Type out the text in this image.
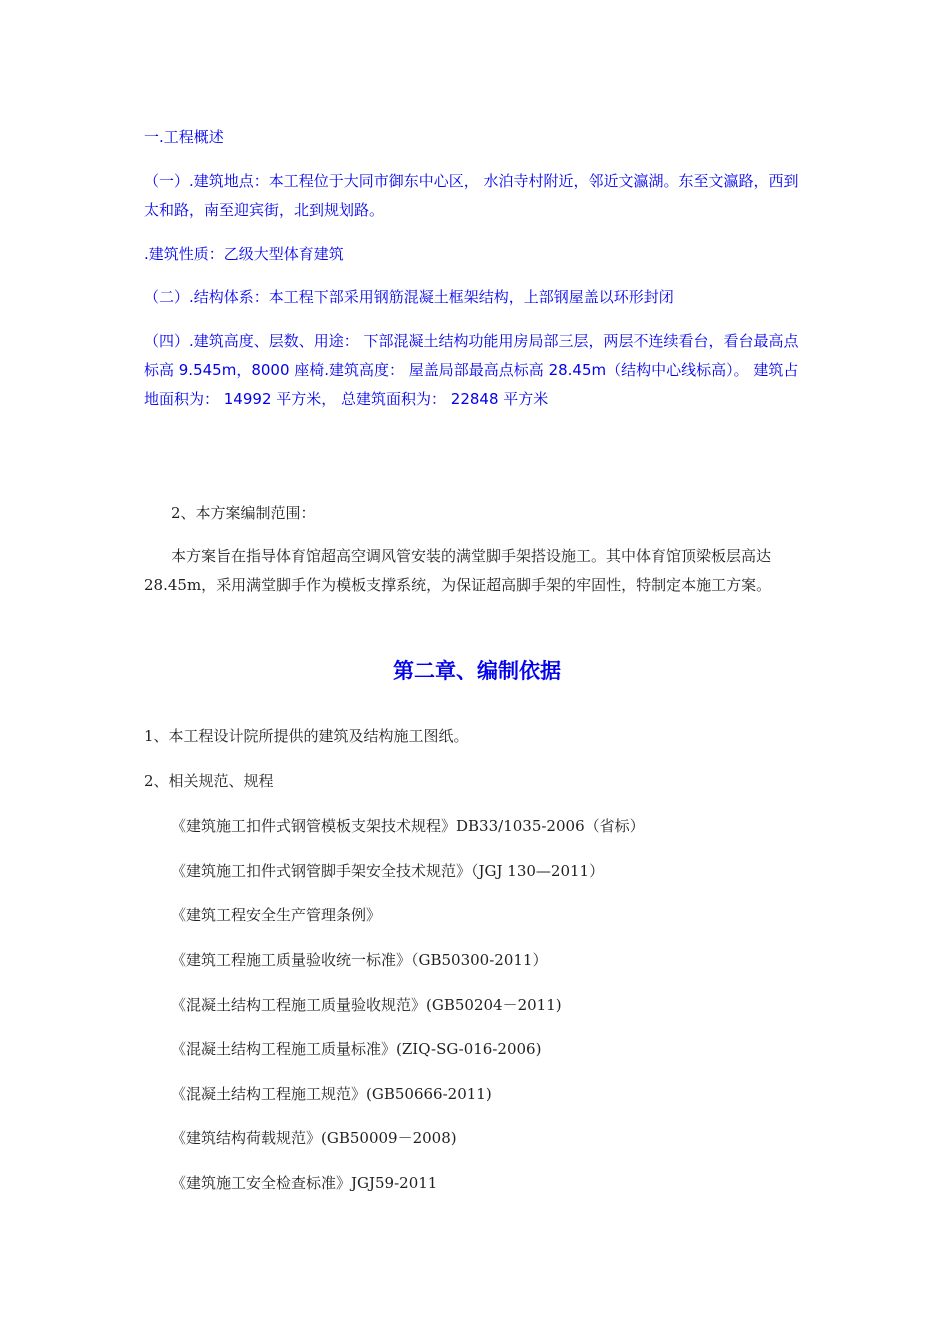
一.工程概述

（一）.建筑地点：本工程位于大同市御东中心区， 水泊寺村附近，邻近文瀛湖。东至文瀛路，西到太和路，南至迎宾街，北到规划路。

.建筑性质：乙级大型体育建筑

（二）.结构体系：本工程下部采用钢筋混凝土框架结构，上部钢屋盖以环形封闭

（四）.建筑高度、层数、用途： 下部混凝土结构功能用房局部三层，两层不连续看台，看台最高点标高 9.545m，8000 座椅.建筑高度： 屋盖局部最高点标高 28.45m（结构中心线标高）。 建筑占地面积为： 14992 平方米， 总建筑面积为： 22848 平方米

2、本方案编制范围：

本方案旨在指导体育馆超高空调风管安装的满堂脚手架搭设施工。其中体育馆顶梁板层高达 28.45m，采用满堂脚手作为模板支撑系统，为保证超高脚手架的牢固性，特制定本施工方案。

第二章、编制依据

1、本工程设计院所提供的建筑及结构施工图纸。

2、相关规范、规程

《建筑施工扣件式钢管模板支架技术规程》DB33/1035-2006（省标）

《建筑施工扣件式钢管脚手架安全技术规范》（JGJ 130—2011）

《建筑工程安全生产管理条例》

《建筑工程施工质量验收统一标准》（GB50300-2011）

《混凝土结构工程施工质量验收规范》(GB50204－2011)

《混凝土结构工程施工质量标准》(ZIQ-SG-016-2006)

《混凝土结构工程施工规范》(GB50666-2011)

《建筑结构荷载规范》(GB50009－2008)

《建筑施工安全检查标准》JGJ59-2011
